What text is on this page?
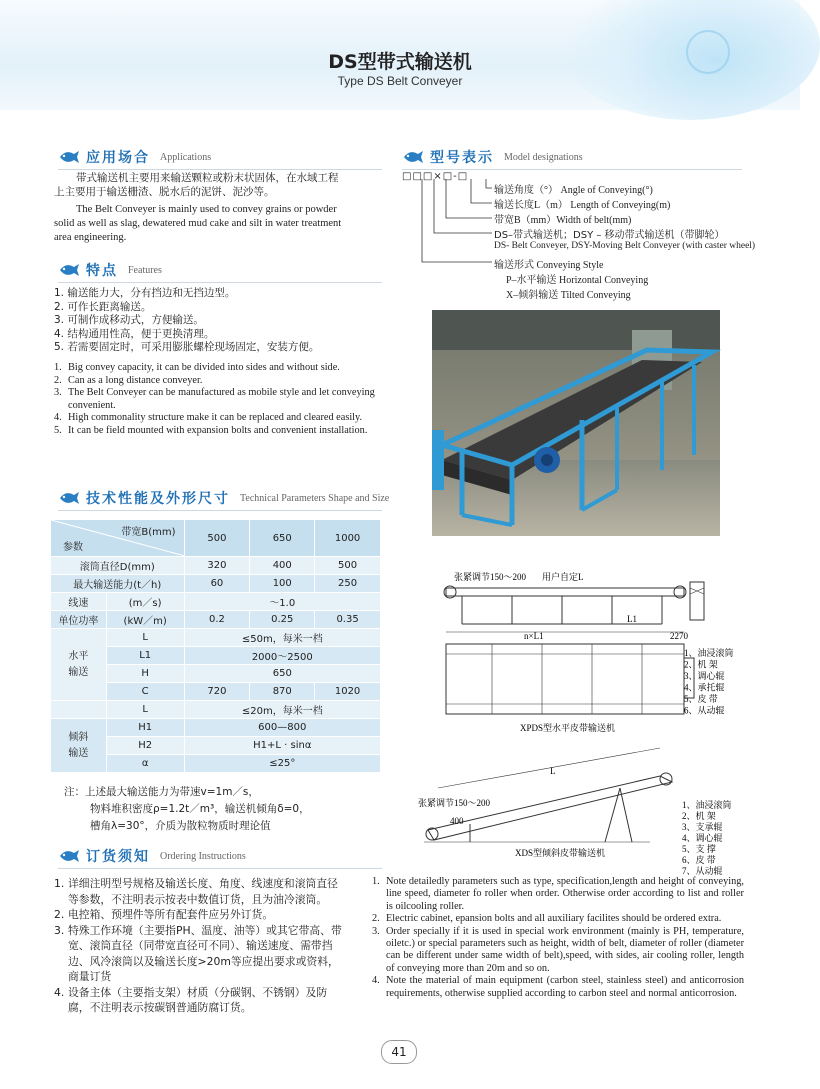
DS型带式输送机
Type DS Belt Conveyer
应用场合 Applications
带式输送机主要用来输送颗粒或粉末状固体，在水域工程
上主要用于输送栅渣、脱水后的泥饼、泥沙等。
The Belt Conveyer is mainly used to convey grains or powder
solid as well as slag, dewatered mud cake and silt in water treatment
area engineering.
特点 Features
1. 输送能力大，分有挡边和无挡边型。
2. 可作长距离输送。
3. 可制作成移动式，方便输送。
4. 结构通用性高，便于更换清理。
5. 若需要固定时，可采用膨胀螺栓现场固定，安装方便。
1. Big convey capacity, it can be divided into sides and without side.
2. Can as a long distance conveyer.
3. The Belt Conveyer can be manufactured as mobile style and let conveying convenient.
4. High commonality structure make it can be replaced and cleared easily.
5. It can be field mounted with expansion bolts and convenient installation.
型号表示 Model designations
□□□×□-□
输送角度（°） Angle of Conveying(°)
输送长度L（m） Length of Conveying(m)
带宽B（mm）Width of belt(mm)
DS–带式输送机；DSY – 移动带式输送机（带脚轮）
DS- Belt Conveyer, DSY-Moving Belt Conveyer (with caster wheel)
输送形式 Conveying Style
P–水平输送 Horizontal Conveying
X–倾斜输送 Tilted Conveying
技术性能及外形尺寸 Technical Parameters Shape and Size
带宽B(mm)
参数		500	650	1000
滚筒直径D(mm)		320	400	500
最大输送能力(t／h)		60	100	250
线速	(m／s)	～1.0		
单位功率	(kW／m)	0.2	0.25	0.35

水平
输送	L	≤50m，每米一档		
	L1	2000～2500		
	H	650		
	C	720	870	1020
	L	≤20m，每米一档		

倾斜
输送	H1	600—800		
	H2	H1+L · sinα		
	α	≤25°		
注：上述最大输送能力为带速v=1m／s，
物料堆积密度ρ=1.2t／m³，输送机倾角δ=0，
槽角λ=30°，介质为散粒物质时理论值
张紧调节150～200 用户自定L
n×L1
L1
2270
XPDS型水平皮带输送机
1、油浸滚筒
2、机 架
3、调心辊
4、承托辊
5、皮 带
6、从动辊
张紧调节150～200
L
400
XDS型倾斜皮带输送机
1、油浸滚筒
2、机 架
3、支承辊
4、调心辊
5、支 撑
6、皮 带
7、从动辊
订货须知 Ordering Instructions
1. 详细注明型号规格及输送长度、角度、线速度和滚筒直径等参数，不注明表示按表中数值订货，且为油冷滚筒。
2. 电控箱、预埋件等所有配套件应另外订货。
3. 特殊工作环境（主要指PH、温度、油等）或其它带高、带宽、滚筒直径（同带宽直径可不同）、输送速度、需带挡边、风冷滚筒以及输送长度>20m等应提出要求或资料，商量订货
4. 设备主体（主要指支架）材质（分碳钢、不锈钢）及防腐，不注明表示按碳钢普通防腐订货。
1. Note detailedly parameters such as type, specification,length and height of conveying, line speed, diameter fo roller when order. Otherwise order according to list and roller is oilcooling roller.
2. Electric cabinet, epansion bolts and all auxiliary facilites should be ordered extra.
3. Order specially if it is used in special work environment (mainly is PH, temperature, oiletc.) or special parameters such as height, width of belt, diameter of roller (diameter can be different under same width of belt),speed, with sides, air cooling roller, length of conveying more than 20m and so on.
4. Note the material of main equipment (carbon steel, stainless steel) and anticorrosion requirements, otherwise supplied according to carbon steel and normal anticorrosion.
41
